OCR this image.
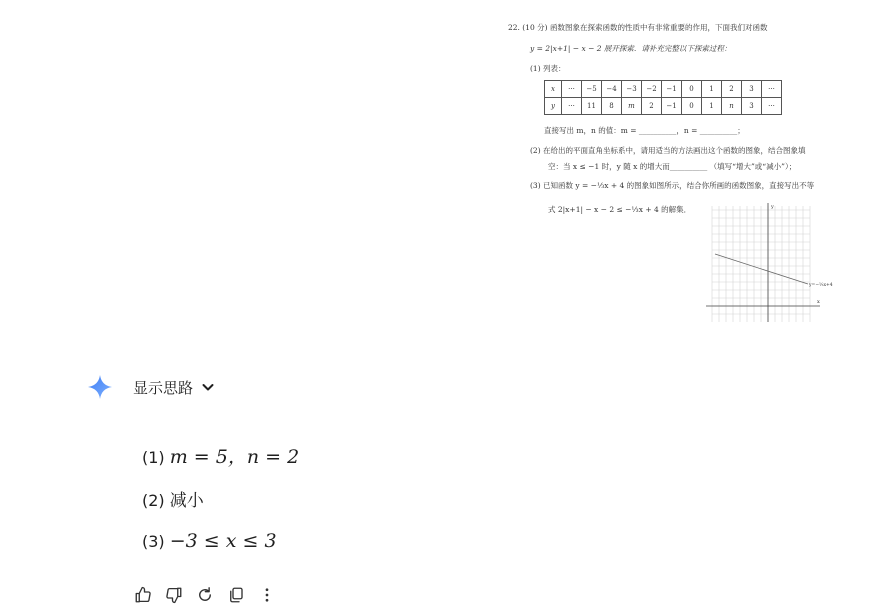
22. (10 分) 函数图象在探索函数的性质中有非常重要的作用，下面我们对函数
y = 2|x+1| − x − 2 展开探索．请补充完整以下探索过程：
(1) 列表：
x	···	−5	−4	−3	−2	−1	0	1	2	3	···
y	···	11	8	m	2	−1	0	1	n	3	···
直接写出 m，n 的值：m = __________，n = __________；
(2) 在给出的平面直角坐标系中，请用适当的方法画出这个函数的图象，结合图象填
空：当 x ≤ −1 时，y 随 x 的增大而__________ （填写“增大”或“减小”）；
(3) 已知函数 y = −⅓x + 4 的图象如图所示，结合你所画的函数图象，直接写出不等
式 2|x+1| − x − 2 ≤ −⅓x + 4 的解集．	y
x
y=−⅓x+4
显示思路
(1) m = 5，n = 2
(2) 减小
(3) −3 ≤ x ≤ 3
